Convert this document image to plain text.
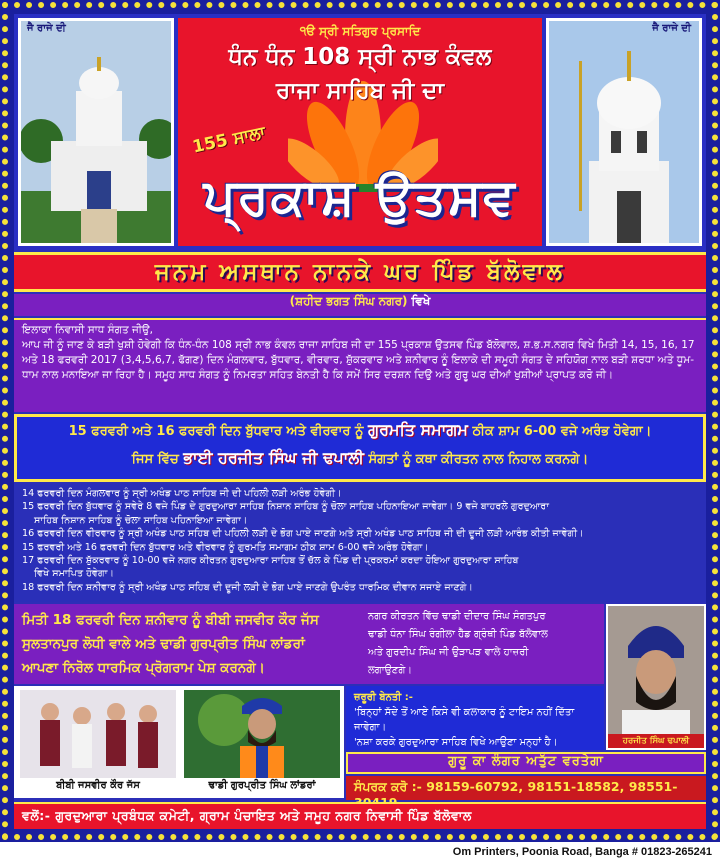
ਜੈ ਰਾਜੇ ਦੀ	੧ੳ ਸ੍ਰੀ ਸਤਿਗੁਰ ਪ੍ਰਸਾਦਿ
ਧੰਨ ਧੰਨ 108 ਸ੍ਰੀ ਨਾਭ ਕੰਵਲ
ਰਾਜਾ ਸਾਹਿਬ ਜੀ ਦਾ
155 ਸਾਲਾ
ਪ੍ਰਕਾਸ਼ ਉਤਸਵ
ਜੈ ਰਾਜੇ ਦੀ
ਜਨਮ ਅਸਥਾਨ ਨਾਨਕੇ ਘਰ ਪਿੰਡ ਬੱਲੋਵਾਲ
(ਸ਼ਹੀਦ ਭਗਤ ਸਿੰਘ ਨਗਰ) ਵਿਖੇ
ਇਲਾਕਾ ਨਿਵਾਸੀ ਸਾਧ ਸੰਗਤ ਜੀਉ,
ਆਪ ਜੀ ਨੂੰ ਜਾਣ ਕੇ ਬੜੀ ਖੁਸ਼ੀ ਹੋਵੇਗੀ ਕਿ ਧੰਨ-ਧੰਨ 108 ਸ੍ਰੀ ਨਾਭ ਕੰਵਲ ਰਾਜਾ ਸਾਹਿਬ ਜੀ ਦਾ 155 ਪ੍ਰਕਾਸ਼ ਉਤਸਵ ਪਿੰਡ ਬੱਲੋਵਾਲ, ਸ਼.ਭ.ਸ.ਨਗਰ ਵਿਖੇ ਮਿਤੀ 14, 15, 16, 17 ਅਤੇ 18 ਫਰਵਰੀ 2017 (3,4,5,6,7, ਫੱਗਣ) ਦਿਨ ਮੰਗਲਵਾਰ, ਬੁੱਧਵਾਰ, ਵੀਰਵਾਰ, ਸ਼ੁੱਕਰਵਾਰ ਅਤੇ ਸ਼ਨੀਵਾਰ ਨੂੰ ਇਲਾਕੇ ਦੀ ਸਮੂਹੀ ਸੰਗਤ ਦੇ ਸਹਿਯੋਗ ਨਾਲ ਬੜੀ ਸ਼ਰਧਾ ਅਤੇ ਧੂਮ-ਧਾਮ ਨਾਲ ਮਨਾਇਆ ਜਾ ਰਿਹਾ ਹੈ। ਸਮੂਹ ਸਾਧ ਸੰਗਤ ਨੂੰ ਨਿਮਰਤਾ ਸਹਿਤ ਬੇਨਤੀ ਹੈ ਕਿ ਸਮੇਂ ਸਿਰ ਦਰਸ਼ਨ ਦਿਉ ਅਤੇ ਗੁਰੂ ਘਰ ਦੀਆਂ ਖੁਸ਼ੀਆਂ ਪ੍ਰਾਪਤ ਕਰੋ ਜੀ।
15 ਫਰਵਰੀ ਅਤੇ 16 ਫਰਵਰੀ ਦਿਨ ਬੁੱਧਵਾਰ ਅਤੇ ਵੀਰਵਾਰ ਨੂੰ ਗੁਰਮਤਿ ਸਮਾਗਮ ਠੀਕ ਸ਼ਾਮ 6-00 ਵਜੇ ਅਰੰਭ ਹੋਵੇਗਾ।
ਜਿਸ ਵਿੱਚ ਭਾਈ ਹਰਜੀਤ ਸਿੰਘ ਜੀ ਢਪਾਲੀ ਸੰਗਤਾਂ ਨੂੰ ਕਥਾ ਕੀਰਤਨ ਨਾਲ ਨਿਹਾਲ ਕਰਨਗੇ।
14 ਫਰਵਰੀ ਦਿਨ ਮੰਗਲਵਾਰ ਨੂੰ ਸ੍ਰੀ ਅਖੰਡ ਪਾਠ ਸਾਹਿਬ ਜੀ ਦੀ ਪਹਿਲੀ ਲੜੀ ਅਰੰਭ ਹੋਵੇਗੀ।
15 ਫਰਵਰੀ ਦਿਨ ਬੁੱਧਵਾਰ ਨੂੰ ਸਵੇਰੇ 8 ਵਜੇ ਪਿੰਡ ਦੇ ਗੁਰਦੁਆਰਾ ਸਾਹਿਬ ਨਿਸ਼ਾਨ ਸਾਹਿਬ ਨੂੰ ਚੋਲਾ ਸਾਹਿਬ ਪਹਿਨਾਇਆ ਜਾਵੇਗਾ। 9 ਵਜੇ ਬਾਹਰਲੇ ਗੁਰਦੁਆਰਾ
ਸਾਹਿਬ ਨਿਸ਼ਾਨ ਸਾਹਿਬ ਨੂੰ ਚੋਲਾ ਸਾਹਿਬ ਪਹਿਨਾਇਆ ਜਾਵੇਗਾ।
16 ਫਰਵਰੀ ਦਿਨ ਵੀਰਵਾਰ ਨੂੰ ਸ੍ਰੀ ਅਖੰਡ ਪਾਠ ਸਹਿਬ ਦੀ ਪਹਿਲੀ ਲੜੀ ਦੇ ਭੋਗ ਪਾਏ ਜਾਣਗੇ ਅਤੇ ਸ੍ਰੀ ਅਖੰਡ ਪਾਠ ਸਾਹਿਬ ਜੀ ਦੀ ਦੂਜੀ ਲੜੀ ਆਰੰਭ ਕੀਤੀ ਜਾਵੇਗੀ।
15 ਫਰਵਰੀ ਅਤੇ 16 ਫਰਵਰੀ ਦਿਨ ਬੁੱਧਵਾਰ ਅਤੇ ਵੀਰਵਾਰ ਨੂੰ ਗੁਰਮਤਿ ਸਮਾਗਮ ਠੀਕ ਸ਼ਾਮ 6-00 ਵਜੇ ਅਰੰਭ ਹੋਵੇਗਾ।
17 ਫਰਵਰੀ ਦਿਨ ਸ਼ੁੱਕਰਵਾਰ ਨੂੰ 10-00 ਵਜੇ ਨਗਰ ਕੀਰਤਨ ਗੁਰਦੁਆਰਾ ਸਾਹਿਬ ਤੋਂ ਚੱਲ ਕੇ ਪਿੰਡ ਦੀ ਪ੍ਰਕਰਮਾਂ ਕਰਦਾ ਹੋਇਆ ਗੁਰਦੁਆਰਾ ਸਾਹਿਬ
ਵਿਖੇ ਸਮਾਪਿਤ ਹੋਵੇਗਾ।
18 ਫਰਵਰੀ ਦਿਨ ਸ਼ਨੀਵਾਰ ਨੂੰ ਸ੍ਰੀ ਅਖੰਡ ਪਾਠ ਸਹਿਬ ਦੀ ਦੂਜੀ ਲੜੀ ਦੇ ਭੋਗ ਪਾਏ ਜਾਣਗੇ ਉਪਰੰਤ ਧਾਰਮਿਕ ਦੀਵਾਨ ਸਜਾਏ ਜਾਣਗੇ।
ਮਿਤੀ 18 ਫਰਵਰੀ ਦਿਨ ਸ਼ਨੀਵਾਰ ਨੂੰ ਬੀਬੀ ਜਸਵੀਰ ਕੌਰ ਜੱਸ
ਸੁਲਤਾਨਪੁਰ ਲੋਧੀ ਵਾਲੇ ਅਤੇ ਢਾਡੀ ਗੁਰਪ੍ਰੀਤ ਸਿੰਘ ਲਾਂਡਰਾਂ
ਆਪਣਾ ਨਿਰੋਲ ਧਾਰਮਿਕ ਪ੍ਰੋਗਰਾਮ ਪੇਸ਼ ਕਰਨਗੇ।
ਨਗਰ ਕੀਰਤਨ ਵਿੱਚ ਢਾਡੀ ਦੀਦਾਰ ਸਿੰਘ ਸੰਗਤਪੁਰ
ਢਾਡੀ ਧੰਨਾ ਸਿੰਘ ਰੰਗੀਲਾ ਹੈੱਡ ਗ੍ਰੰਥੀ ਪਿੰਡ ਬੱਲੋਵਾਲ
ਅਤੇ ਗੁਰਦੀਪ ਸਿੰਘ ਜੀ ਉੜਾਪੜ ਵਾਲੇ ਹਾਜ਼ਰੀ
ਲਗਾਉਣਗੇ।
ਹਰਜੀਤ ਸਿੰਘ ਢਪਾਲੀ
ਬੀਬੀ ਜਸਵੀਰ ਕੌਰ ਜੱਸ	ਢਾਡੀ ਗੁਰਪ੍ਰੀਤ ਸਿੰਘ ਲਾਂਡਰਾਂ
ਜ਼ਰੂਰੀ ਬੇਨਤੀ :-
'ਬਿਨ੍ਹਾਂ ਸੱਦੇ ਤੋਂ ਆਏ ਕਿਸੇ ਵੀ ਕਲਾਕਾਰ ਨੂੰ ਟਾਇਮ ਨਹੀਂ ਦਿੱਤਾ ਜਾਵੇਗਾ।
'ਨਸ਼ਾ ਕਰਕੇ ਗੁਰਦੁਆਰਾ ਸਾਹਿਬ ਵਿਖੇ ਆਉਣਾ ਮਨ੍ਹਾਂ ਹੈ।
ਗੁਰੂ ਕਾ ਲੰਗਰ ਅਤੁੱਟ ਵਰਤੇਗਾ
ਸੰਪਰਕ ਕਰੋ :- 98159-60792, 98151-18582, 98551-
ਵਲੋਂ:- ਗੁਰਦੁਆਰਾ ਪ੍ਰਬੰਧਕ ਕਮੇਟੀ, ਗ੍ਰਾਮ ਪੰਚਾਇਤ ਅਤੇ ਸਮੂਹ ਨਗਰ ਨਿਵਾਸੀ ਪਿੰਡ ਬੱਲੋਵਾਲ
Om Printers, Poonia Road, Banga # 01823-265241
